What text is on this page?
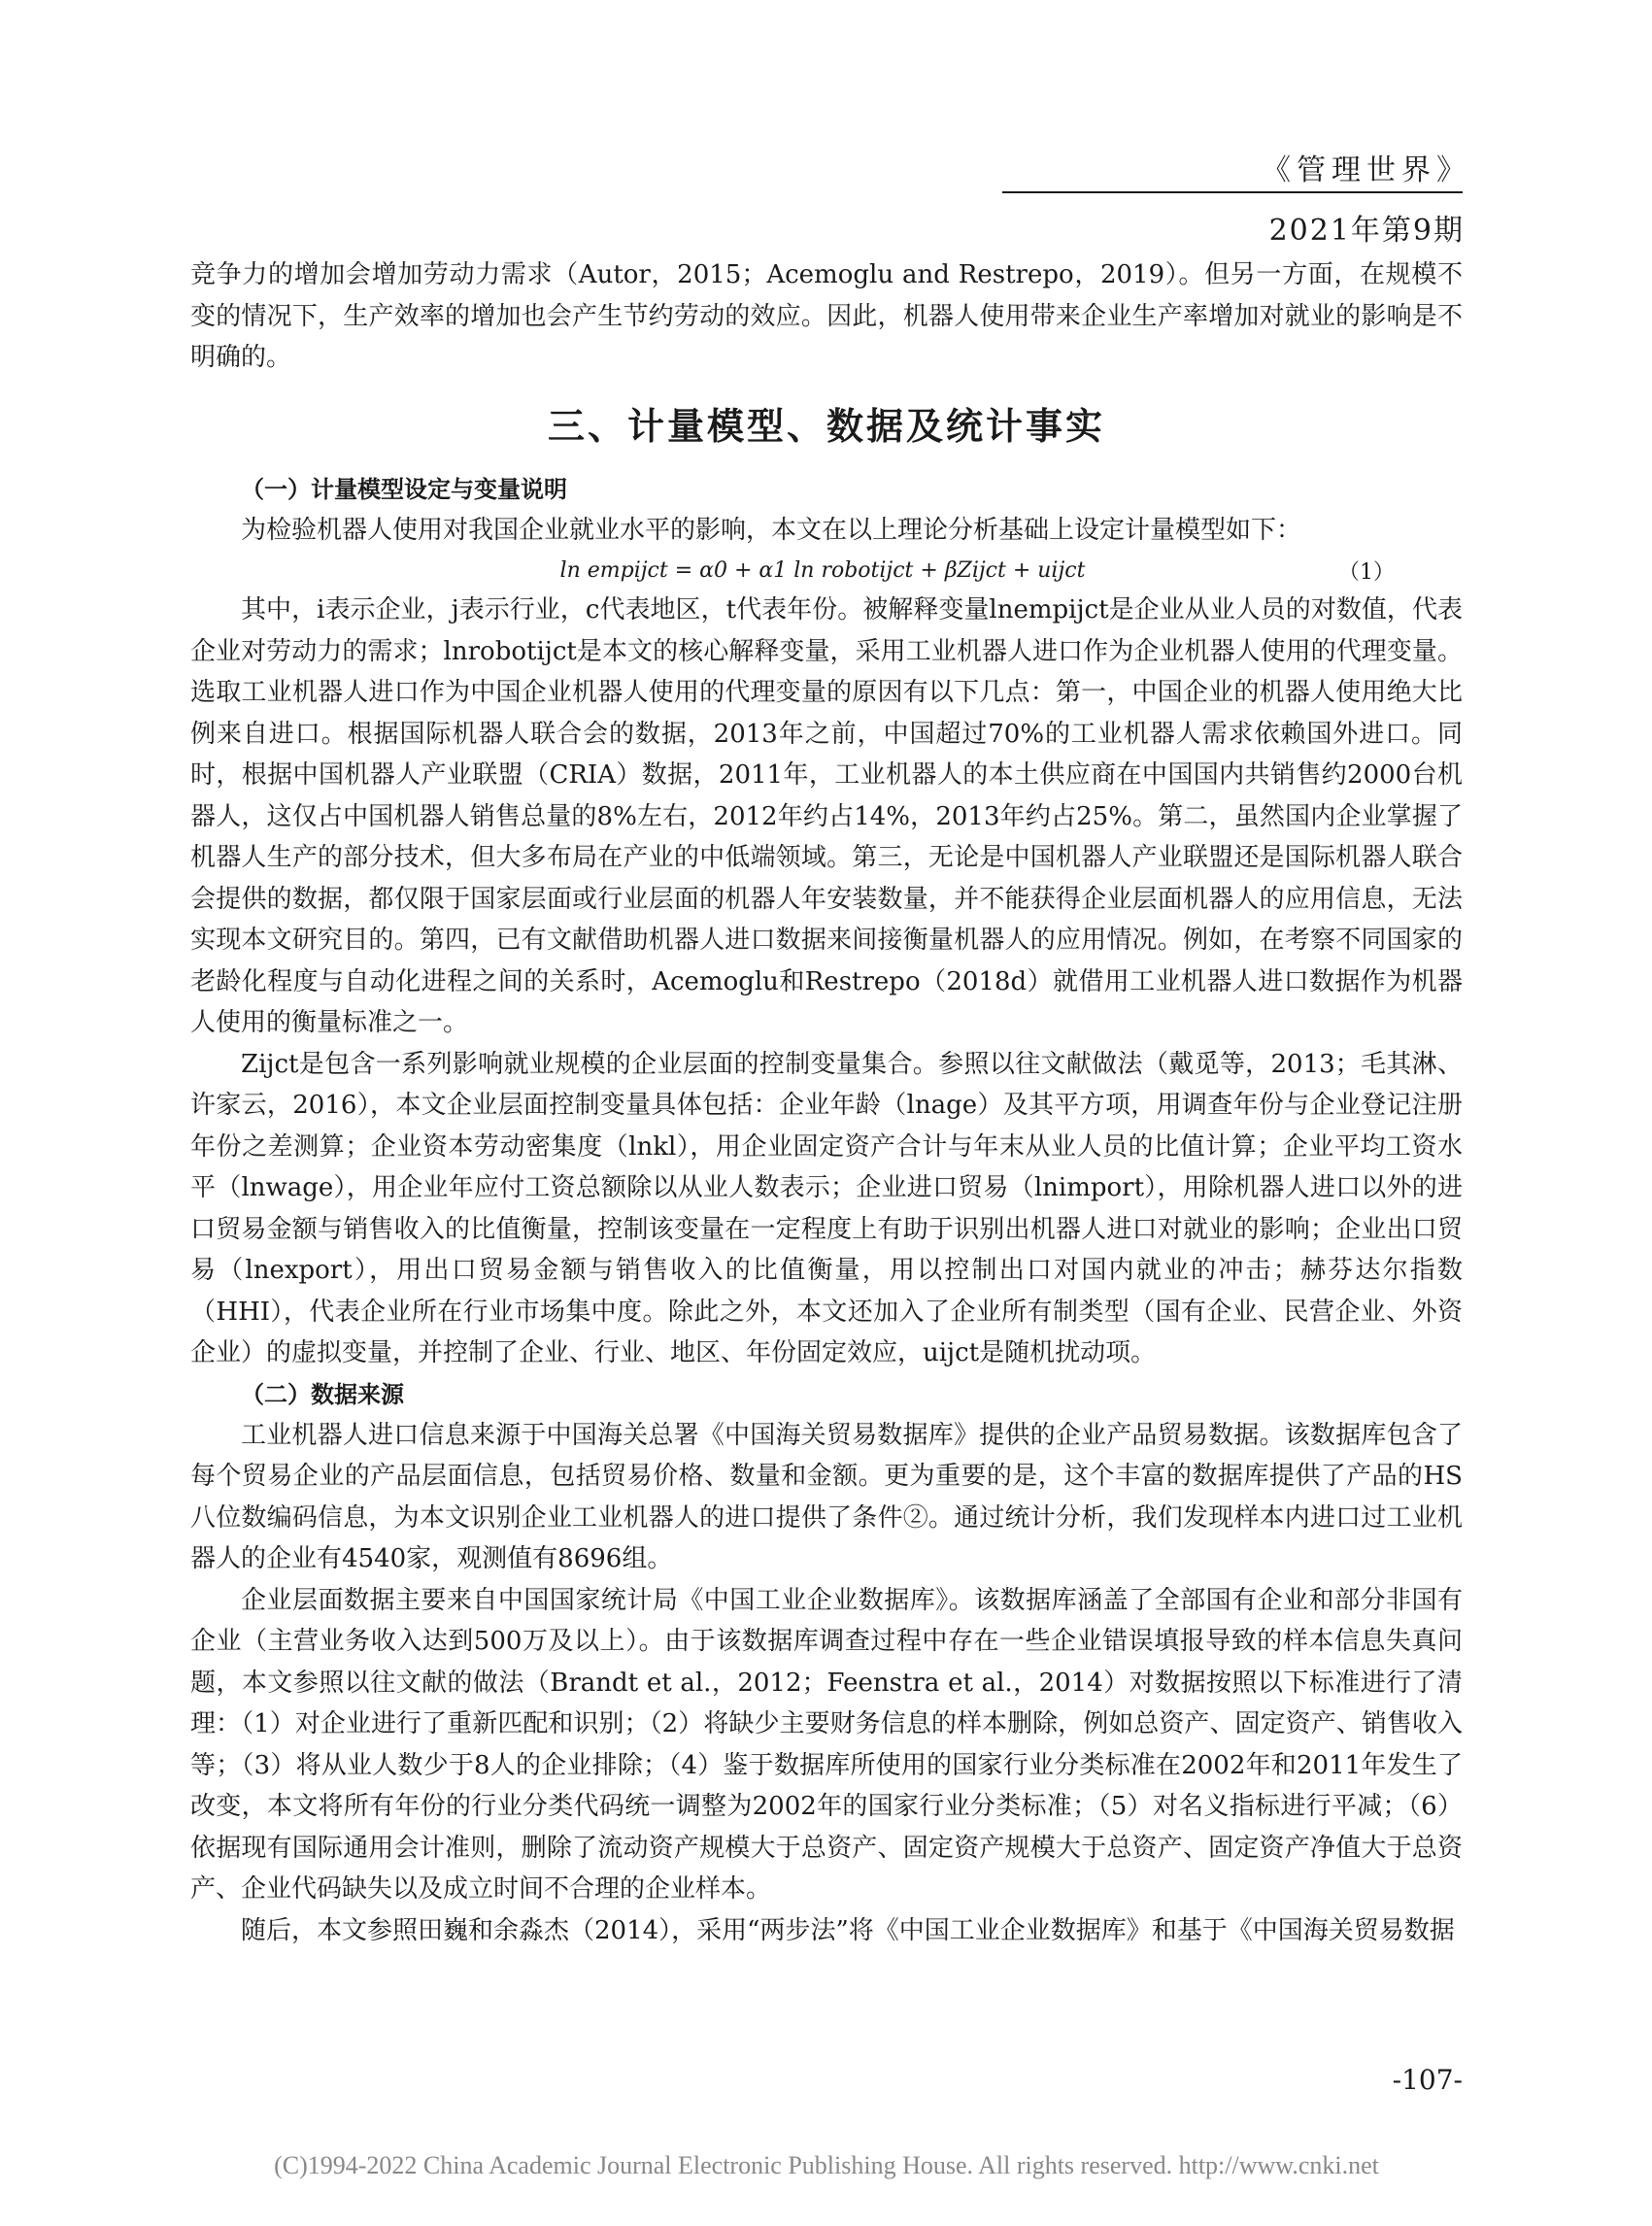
《管理世界》
2021年第9期

竞争力的增加会增加劳动力需求（Autor，2015；Acemoglu and Restrepo，2019）。但另一方面，在规模不变的情况下，生产效率的增加也会产生节约劳动的效应。因此，机器人使用带来企业生产率增加对就业的影响是不明确的。

三、计量模型、数据及统计事实
（一）计量模型设定与变量说明

为检验机器人使用对我国企业就业水平的影响，本文在以上理论分析基础上设定计量模型如下：

ln empijct = α0 + α1 ln robotijct + βZijct + uijct	（1）

其中，i表示企业，j表示行业，c代表地区，t代表年份。被解释变量lnempijct是企业从业人员的对数值，代表企业对劳动力的需求；lnrobotijct是本文的核心解释变量，采用工业机器人进口作为企业机器人使用的代理变量。选取工业机器人进口作为中国企业机器人使用的代理变量的原因有以下几点：第一，中国企业的机器人使用绝大比例来自进口。根据国际机器人联合会的数据，2013年之前，中国超过70%的工业机器人需求依赖国外进口。同时，根据中国机器人产业联盟（CRIA）数据，2011年，工业机器人的本土供应商在中国国内共销售约2000台机器人，这仅占中国机器人销售总量的8%左右，2012年约占14%，2013年约占25%。第二，虽然国内企业掌握了机器人生产的部分技术，但大多布局在产业的中低端领域。第三，无论是中国机器人产业联盟还是国际机器人联合会提供的数据，都仅限于国家层面或行业层面的机器人年安装数量，并不能获得企业层面机器人的应用信息，无法实现本文研究目的。第四，已有文献借助机器人进口数据来间接衡量机器人的应用情况。例如，在考察不同国家的老龄化程度与自动化进程之间的关系时，Acemoglu和Restrepo（2018d）就借用工业机器人进口数据作为机器人使用的衡量标准之一。

Zijct是包含一系列影响就业规模的企业层面的控制变量集合。参照以往文献做法（戴觅等，2013；毛其淋、许家云，2016），本文企业层面控制变量具体包括：企业年龄（lnage）及其平方项，用调查年份与企业登记注册年份之差测算；企业资本劳动密集度（lnkl），用企业固定资产合计与年末从业人员的比值计算；企业平均工资水平（lnwage），用企业年应付工资总额除以从业人数表示；企业进口贸易（lnimport），用除机器人进口以外的进口贸易金额与销售收入的比值衡量，控制该变量在一定程度上有助于识别出机器人进口对就业的影响；企业出口贸易（lnexport），用出口贸易金额与销售收入的比值衡量，用以控制出口对国内就业的冲击；赫芬达尔指数（HHI），代表企业所在行业市场集中度。除此之外，本文还加入了企业所有制类型（国有企业、民营企业、外资企业）的虚拟变量，并控制了企业、行业、地区、年份固定效应，uijct是随机扰动项。

（二）数据来源

工业机器人进口信息来源于中国海关总署《中国海关贸易数据库》提供的企业产品贸易数据。该数据库包含了每个贸易企业的产品层面信息，包括贸易价格、数量和金额。更为重要的是，这个丰富的数据库提供了产品的HS八位数编码信息，为本文识别企业工业机器人的进口提供了条件②。通过统计分析，我们发现样本内进口过工业机器人的企业有4540家，观测值有8696组。

企业层面数据主要来自中国国家统计局《中国工业企业数据库》。该数据库涵盖了全部国有企业和部分非国有企业（主营业务收入达到500万及以上）。由于该数据库调查过程中存在一些企业错误填报导致的样本信息失真问题，本文参照以往文献的做法（Brandt et al.，2012；Feenstra et al.，2014）对数据按照以下标准进行了清理：（1）对企业进行了重新匹配和识别；（2）将缺少主要财务信息的样本删除，例如总资产、固定资产、销售收入等；（3）将从业人数少于8人的企业排除；（4）鉴于数据库所使用的国家行业分类标准在2002年和2011年发生了改变，本文将所有年份的行业分类代码统一调整为2002年的国家行业分类标准；（5）对名义指标进行平减；（6）依据现有国际通用会计准则，删除了流动资产规模大于总资产、固定资产规模大于总资产、固定资产净值大于总资产、企业代码缺失以及成立时间不合理的企业样本。

随后，本文参照田巍和余淼杰（2014），采用“两步法”将《中国工业企业数据库》和基于《中国海关贸易数据

-107-
(C)1994-2022 China Academic Journal Electronic Publishing House. All rights reserved. http://www.cnki.net
